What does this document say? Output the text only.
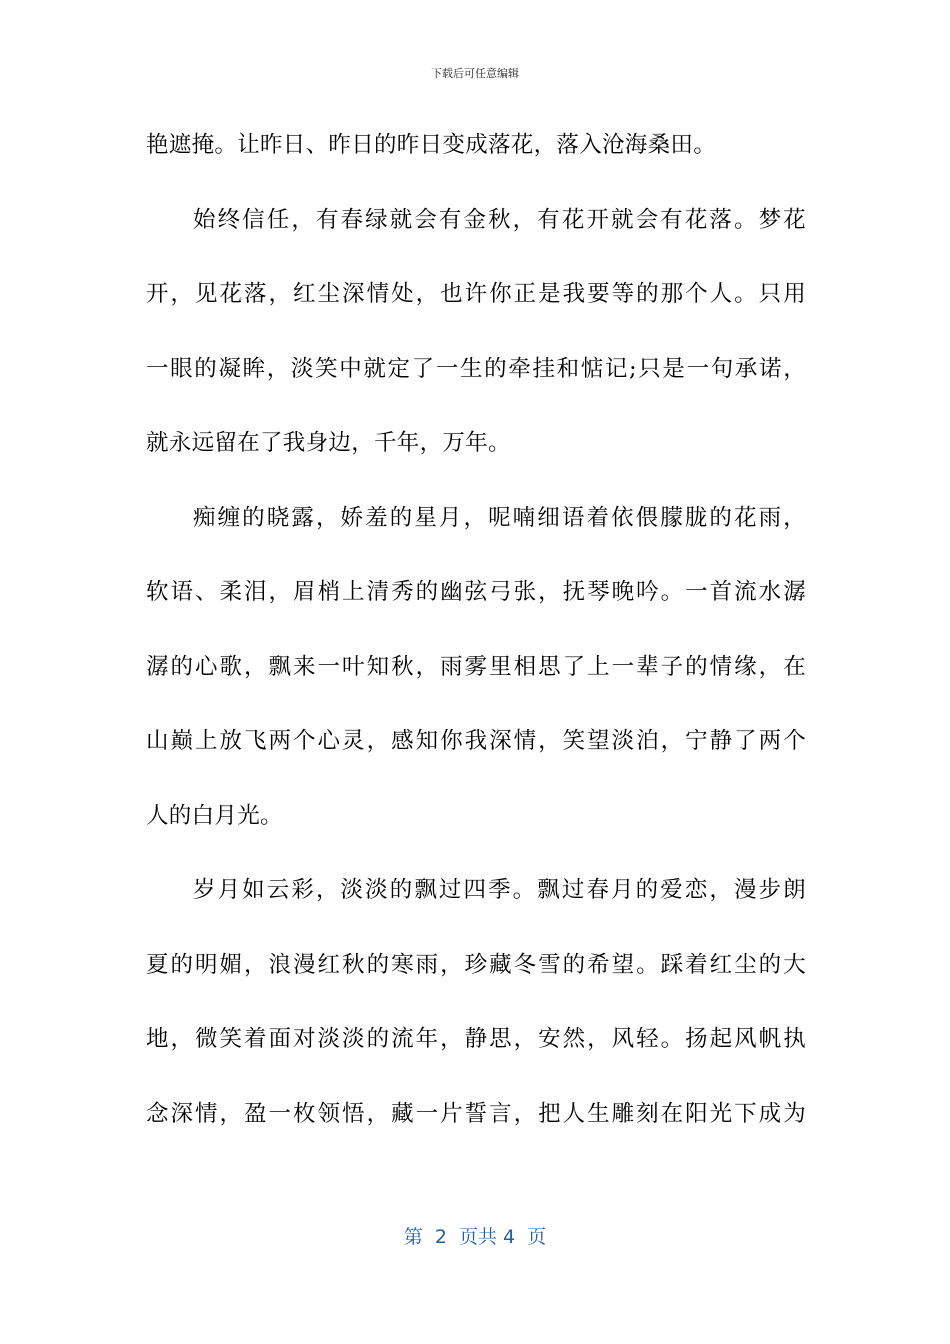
下载后可任意编辑
艳遮掩。让昨日、昨日的昨日变成落花，落入沧海桑田。
始终信任，有春绿就会有金秋，有花开就会有花落。梦花
开，见花落，红尘深情处，也许你正是我要等的那个人。只用
一眼的凝眸，淡笑中就定了一生的牵挂和惦记;只是一句承诺，
就永远留在了我身边，千年，万年。
痴缠的晓露，娇羞的星月，呢喃细语着依偎朦胧的花雨，
软语、柔泪，眉梢上清秀的幽弦弓张，抚琴晚吟。一首流水潺
潺的心歌，飘来一叶知秋，雨雾里相思了上一辈子的情缘，在
山巅上放飞两个心灵，感知你我深情，笑望淡泊，宁静了两个
人的白月光。
岁月如云彩，淡淡的飘过四季。飘过春月的爱恋，漫步朗
夏的明媚，浪漫红秋的寒雨，珍藏冬雪的希望。踩着红尘的大
地，微笑着面对淡淡的流年，静思，安然，风轻。扬起风帆执
念深情，盈一枚领悟，藏一片誓言，把人生雕刻在阳光下成为
第  2  页共 4  页
